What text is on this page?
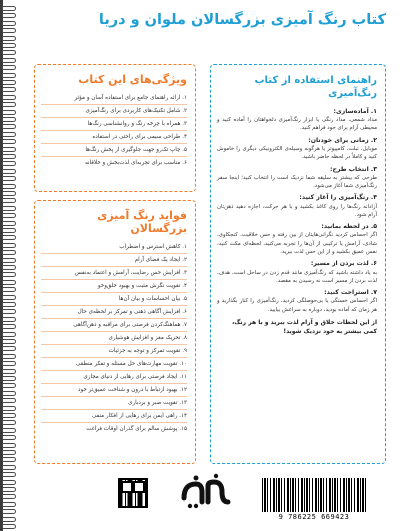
کتاب رنگ آمیزی بزرگسالان ملوان و دریا
راهنمای استفاده از کتاب رنگ‌آمیزی
۱. آماده‌سازی:

مداد شمعی، مداد رنگی یا ابزار رنگ‌آمیزی دلخواهتان را آماده کنید و محیطی آرام برای خود فراهم کنید.

۲. زمانی برای خودتان:

موبایل، تبلت، کامپیوتر یا هرگونه وسیله‌ی الکترونیکی دیگری را خاموش کنید و کاملاً در لحظه حاضر باشید.

۳. انتخاب طرح:

طرحی که بیشتر به سلیقه شما نزدیک است را انتخاب کنید؛ اینجا سفر رنگ‌آمیزی شما آغاز می‌شود.

۴. رنگ‌آمیزی را آغاز کنید:

آزادانه رنگ‌ها را روی کاغذ بکشید و با هر حرکت، اجازه دهید ذهن‌تان آرام شود.

۵. در لحظه بمانید:

اگر احساس کردید نگرانی‌هایتان از بین رفته و حس خلاقیت، کنجکاوی، شادی، آرامش یا ترکیبی از آن‌ها را تجربه می‌کنید، لحظه‌ای مکث کنید، نفس عمیق بکشید و از این حس لذت ببرید.

۶. لذت بردن از مسیر:

به یاد داشته باشید که رنگ‌آمیزی مانند قدم زدن در ساحل است، هدف، لذت بردن از مسیر است نه رسیدن به مقصد.

۷. استراحت کنید:

اگر احساس خستگی یا بی‌حوصلگی کردید، رنگ‌آمیزی را کنار بگذارید و هر زمان که آماده بودید، دوباره به سراغش بیایید.

از این لحظات خلاق و آرام لذت ببرید و با هر رنگ، کمی بیشتر به خود نزدیک شوید!
ویژگی‌های این کتاب
۱. ارائه راهنمای جامع برای استفاده آسان و مؤثر
۲. شامل تکنیک‌های کاربردی برای رنگ‌آمیزی
۳. همراه با چرخه رنگ و روانشناسی رنگ‌ها
۴. طراحی سیمی برای راحتی در استفاده
۵. چاپ تک‌رو جهت جلوگیری از پخش رنگ‌ها
۶. مناسب برای تجربه‌ای لذت‌بخش و خلاقانه
فواید رنگ آمیزی بزرگسالان
۱. کاهش استرس و اضطراب
۲. ایجاد یک فضای آرام
۳. افزایش حس رضایت، آرامش و اعتماد به‌نفس
۴. تقویت نگرش مثبت و بهبود خلق‌وخو
۵. بیان احساسات و بیان آن‌ها
۶. افزایش آگاهی ذهنی و تمرکز بر لحظه‌ی حال
۷. هماهنگ‌کردن فرصتی برای مراقبه و ذهن‌آگاهی
۸. تحریک مغز و افزایش هوشیاری
۹. تقویت تمرکز و توجه به جزئیات
۱۰. تقویت مهارت‌های حل مسئله و تفکر منطقی
۱۱. ایجاد فرصتی برای رهایی از دنیای مجازی
۱۲. بهبود ارتباط با درون و شناخت عمیق‌تر خود
۱۳. تقویت صبر و بردباری
۱۴. راهی ایمن برای رهایی از افکار منفی
۱۵. پوشش سالم برای گذران اوقات فراغت
9 786225 669423
